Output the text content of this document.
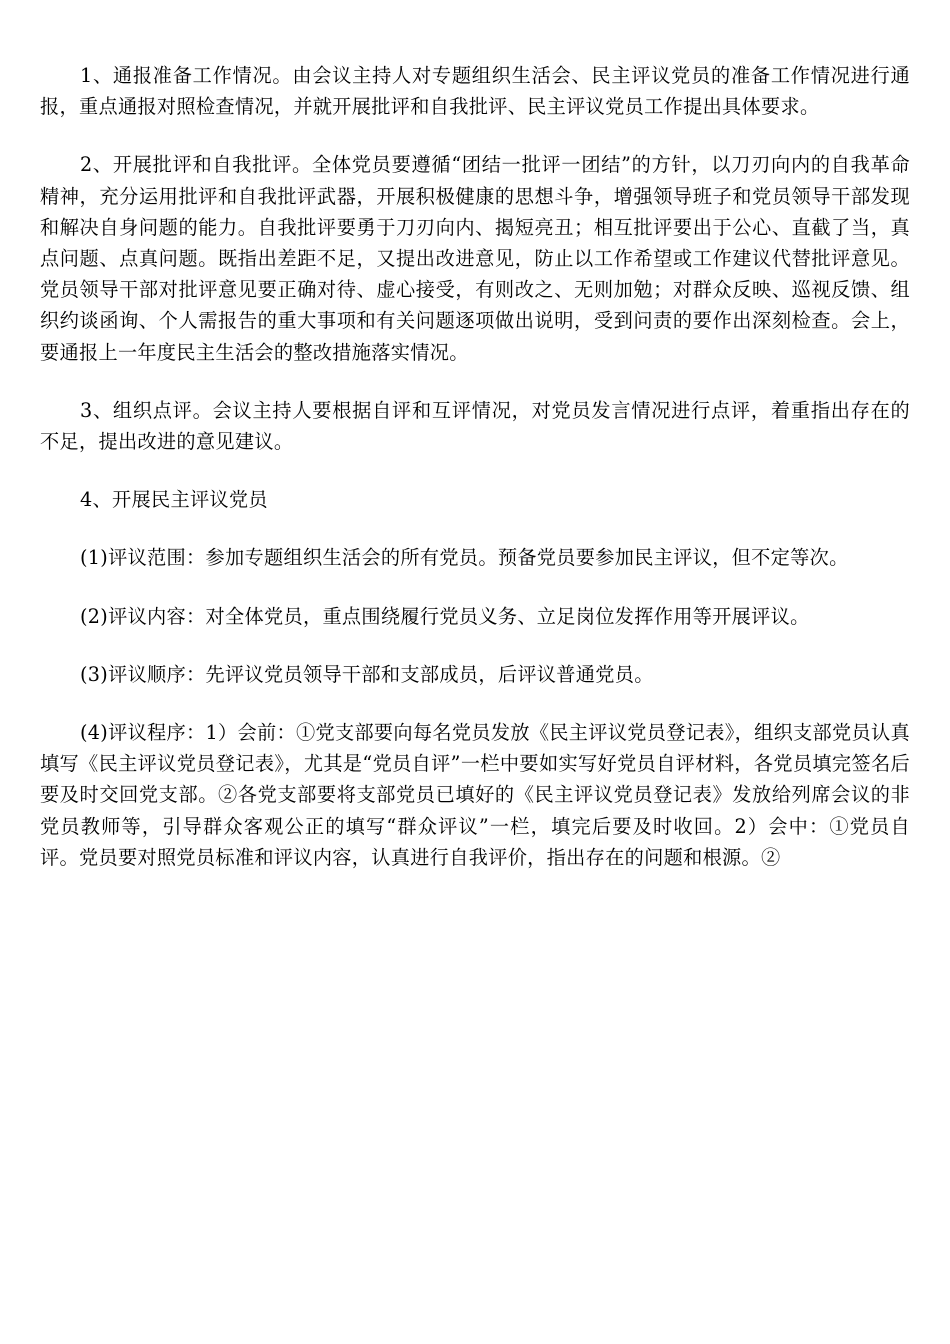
1、通报准备工作情况。由会议主持人对专题组织生活会、民主评议党员的准备工作情况进行通报，重点通报对照检查情况，并就开展批评和自我批评、民主评议党员工作提出具体要求。

2、开展批评和自我批评。全体党员要遵循“团结一批评一团结”的方针，以刀刃向内的自我革命精神，充分运用批评和自我批评武器，开展积极健康的思想斗争，增强领导班子和党员领导干部发现和解决自身问题的能力。自我批评要勇于刀刃向内、揭短亮丑；相互批评要出于公心、直截了当，真点问题、点真问题。既指出差距不足，又提出改进意见，防止以工作希望或工作建议代替批评意见。党员领导干部对批评意见要正确对待、虚心接受，有则改之、无则加勉；对群众反映、巡视反馈、组织约谈函询、个人需报告的重大事项和有关问题逐项做出说明，受到问责的要作出深刻检查。会上，要通报上一年度民主生活会的整改措施落实情况。

3、组织点评。会议主持人要根据自评和互评情况，对党员发言情况进行点评，着重指出存在的不足，提出改进的意见建议。

4、开展民主评议党员

(1)评议范围：参加专题组织生活会的所有党员。预备党员要参加民主评议，但不定等次。

(2)评议内容：对全体党员，重点围绕履行党员义务、立足岗位发挥作用等开展评议。

(3)评议顺序：先评议党员领导干部和支部成员，后评议普通党员。

(4)评议程序：1）会前：①党支部要向每名党员发放《民主评议党员登记表》，组织支部党员认真填写《民主评议党员登记表》，尤其是“党员自评”一栏中要如实写好党员自评材料，各党员填完签名后要及时交回党支部。②各党支部要将支部党员已填好的《民主评议党员登记表》发放给列席会议的非党员教师等，引导群众客观公正的填写“群众评议”一栏，填完后要及时收回。2）会中：①党员自评。党员要对照党员标准和评议内容，认真进行自我评价，指出存在的问题和根源。②
